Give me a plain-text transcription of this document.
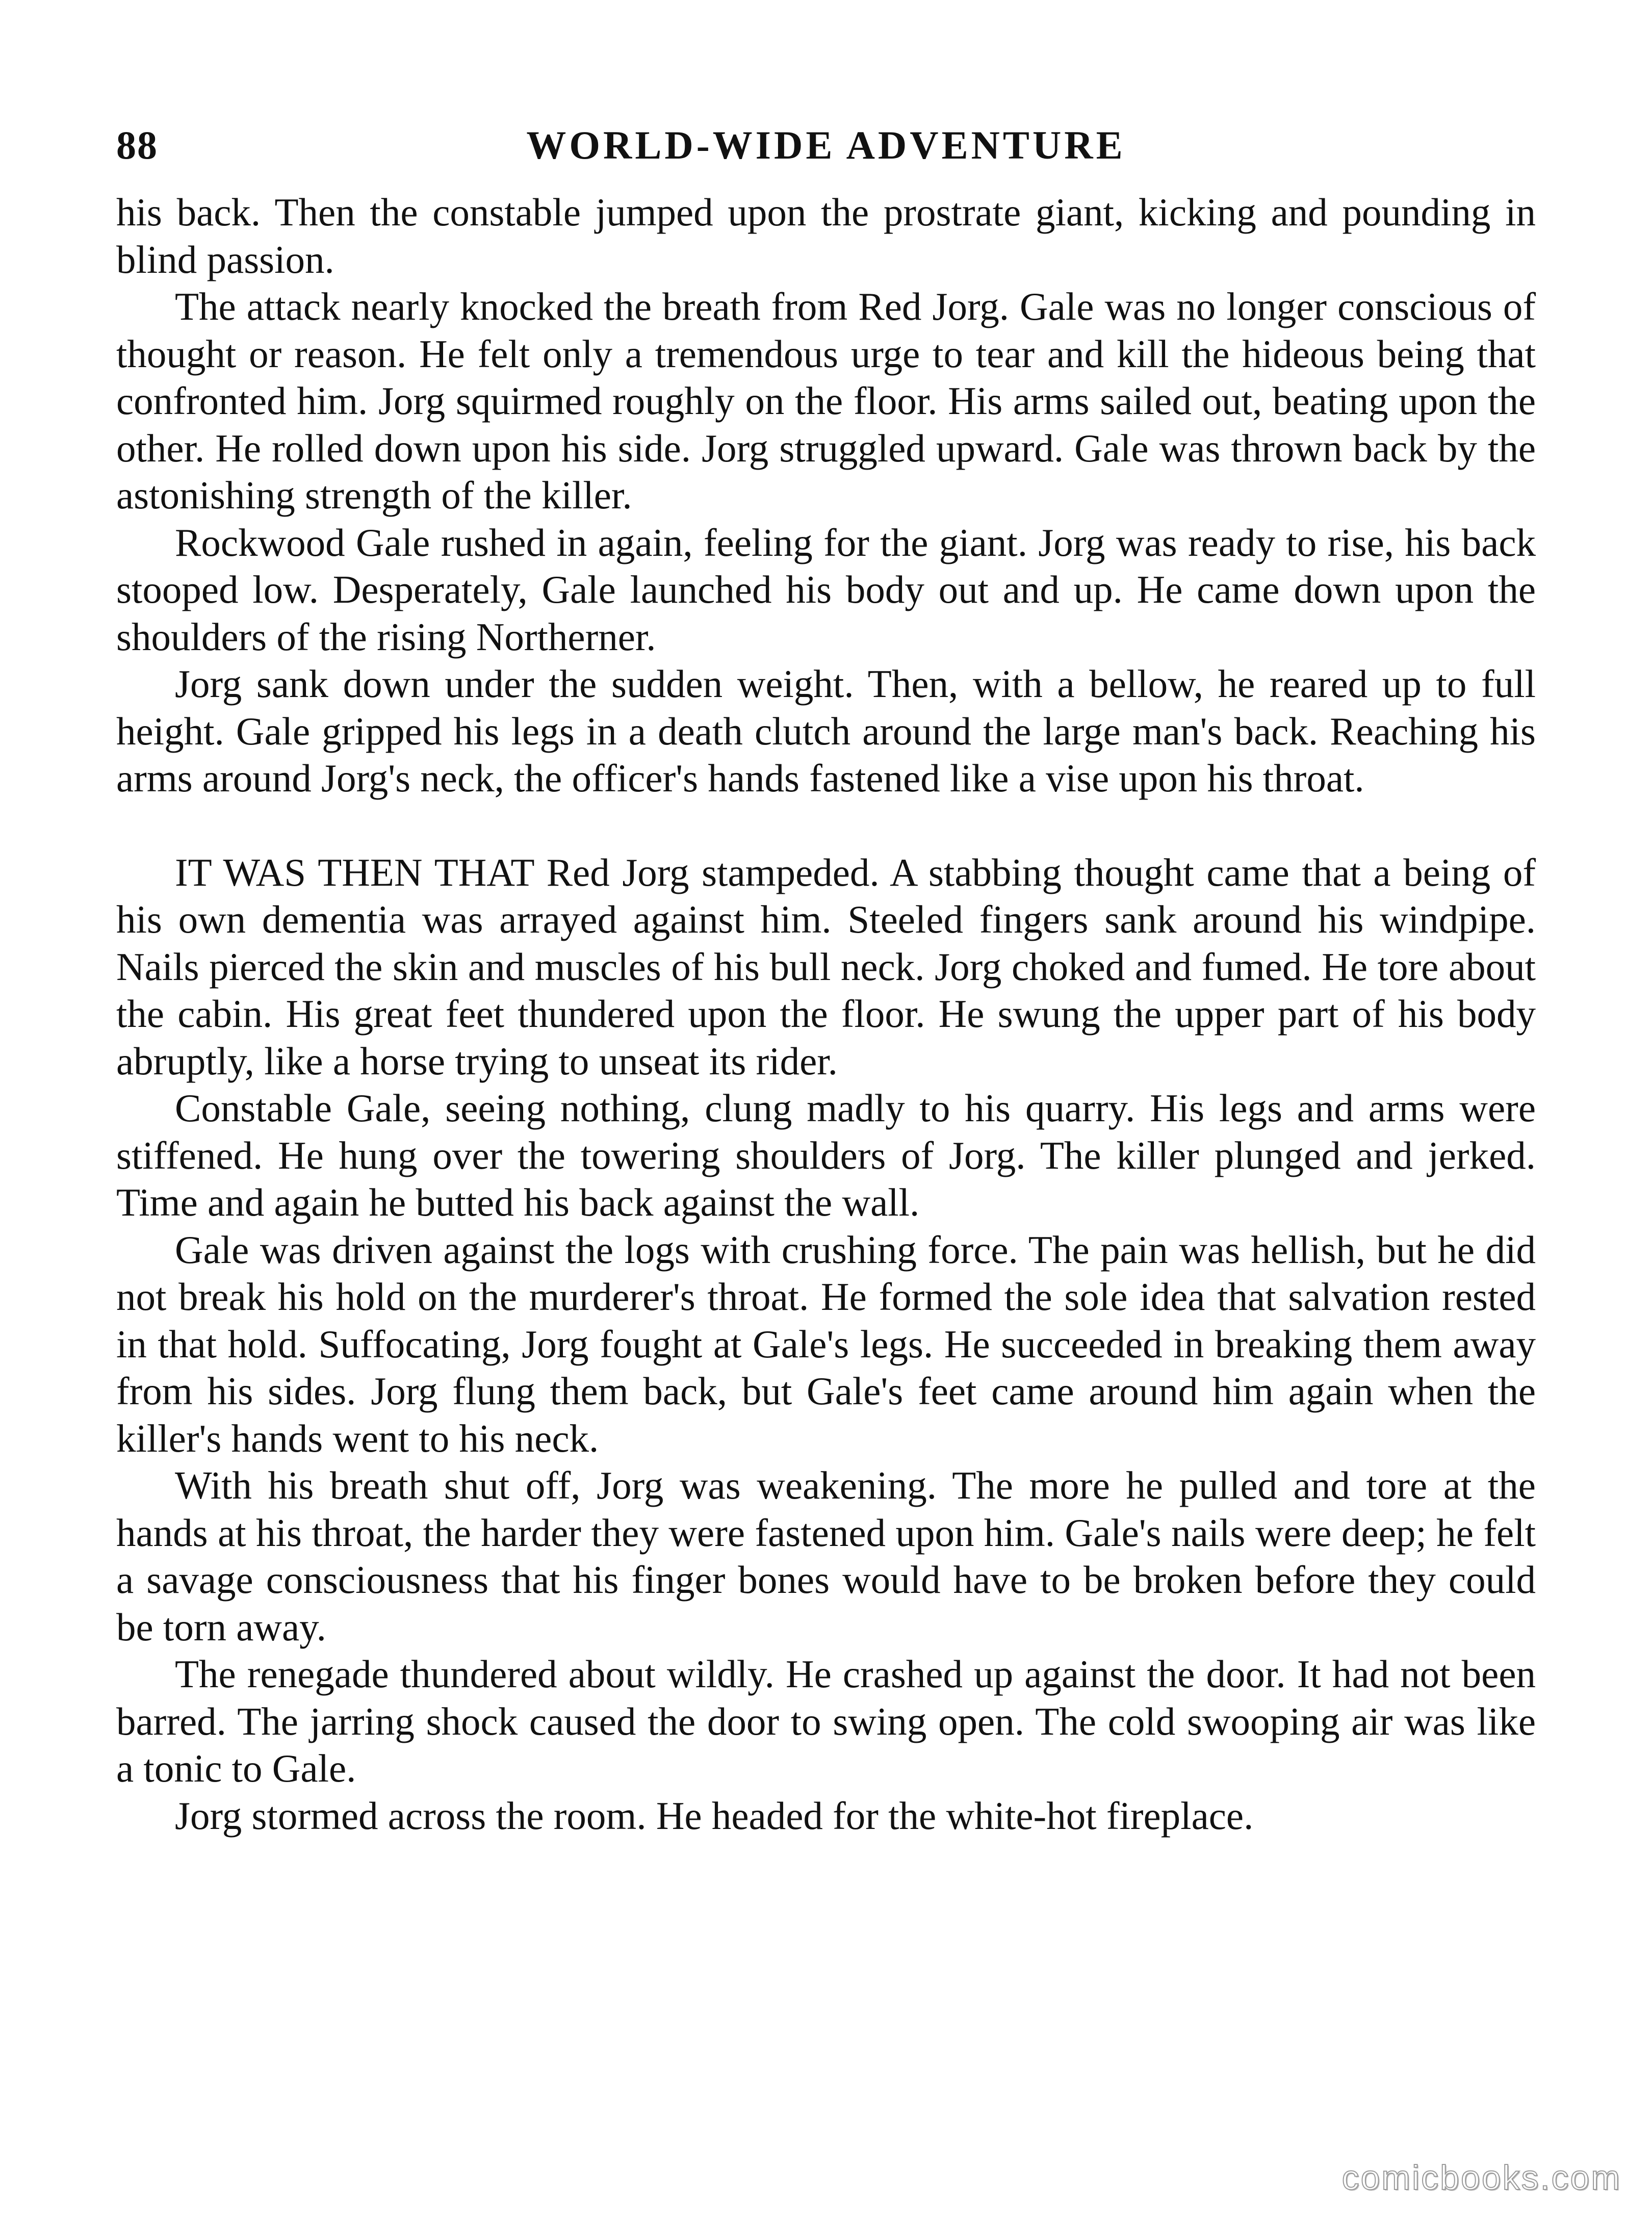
88	WORLD-WIDE ADVENTURE

his back. Then the constable jumped upon the prostrate giant, kicking and pounding in blind passion.

The attack nearly knocked the breath from Red Jorg. Gale was no longer conscious of thought or reason. He felt only a tremendous urge to tear and kill the hideous being that confronted him. Jorg squirmed roughly on the floor. His arms sailed out, beating upon the other. He rolled down upon his side. Jorg struggled upward. Gale was thrown back by the astonishing strength of the killer.

Rockwood Gale rushed in again, feeling for the giant. Jorg was ready to rise, his back stooped low. Desperately, Gale launched his body out and up. He came down upon the shoulders of the rising Northerner.

Jorg sank down under the sudden weight. Then, with a bellow, he reared up to full height. Gale gripped his legs in a death clutch around the large man's back. Reaching his arms around Jorg's neck, the officer's hands fastened like a vise upon his throat.

IT WAS THEN THAT Red Jorg stampeded. A stabbing thought came that a being of his own dementia was arrayed against him. Steeled fingers sank around his windpipe. Nails pierced the skin and muscles of his bull neck. Jorg choked and fumed. He tore about the cabin. His great feet thundered upon the floor. He swung the upper part of his body abruptly, like a horse trying to unseat its rider.

Constable Gale, seeing nothing, clung madly to his quarry. His legs and arms were stiffened. He hung over the towering shoulders of Jorg. The killer plunged and jerked. Time and again he butted his back against the wall.

Gale was driven against the logs with crushing force. The pain was hellish, but he did not break his hold on the murderer's throat. He formed the sole idea that salvation rested in that hold. Suffocating, Jorg fought at Gale's legs. He succeeded in breaking them away from his sides. Jorg flung them back, but Gale's feet came around him again when the killer's hands went to his neck.

With his breath shut off, Jorg was weakening. The more he pulled and tore at the hands at his throat, the harder they were fastened upon him. Gale's nails were deep; he felt a savage consciousness that his finger bones would have to be broken before they could be torn away.

The renegade thundered about wildly. He crashed up against the door. It had not been barred. The jarring shock caused the door to swing open. The cold swooping air was like a tonic to Gale.

Jorg stormed across the room. He headed for the white-hot fireplace.

comicbooks.com
